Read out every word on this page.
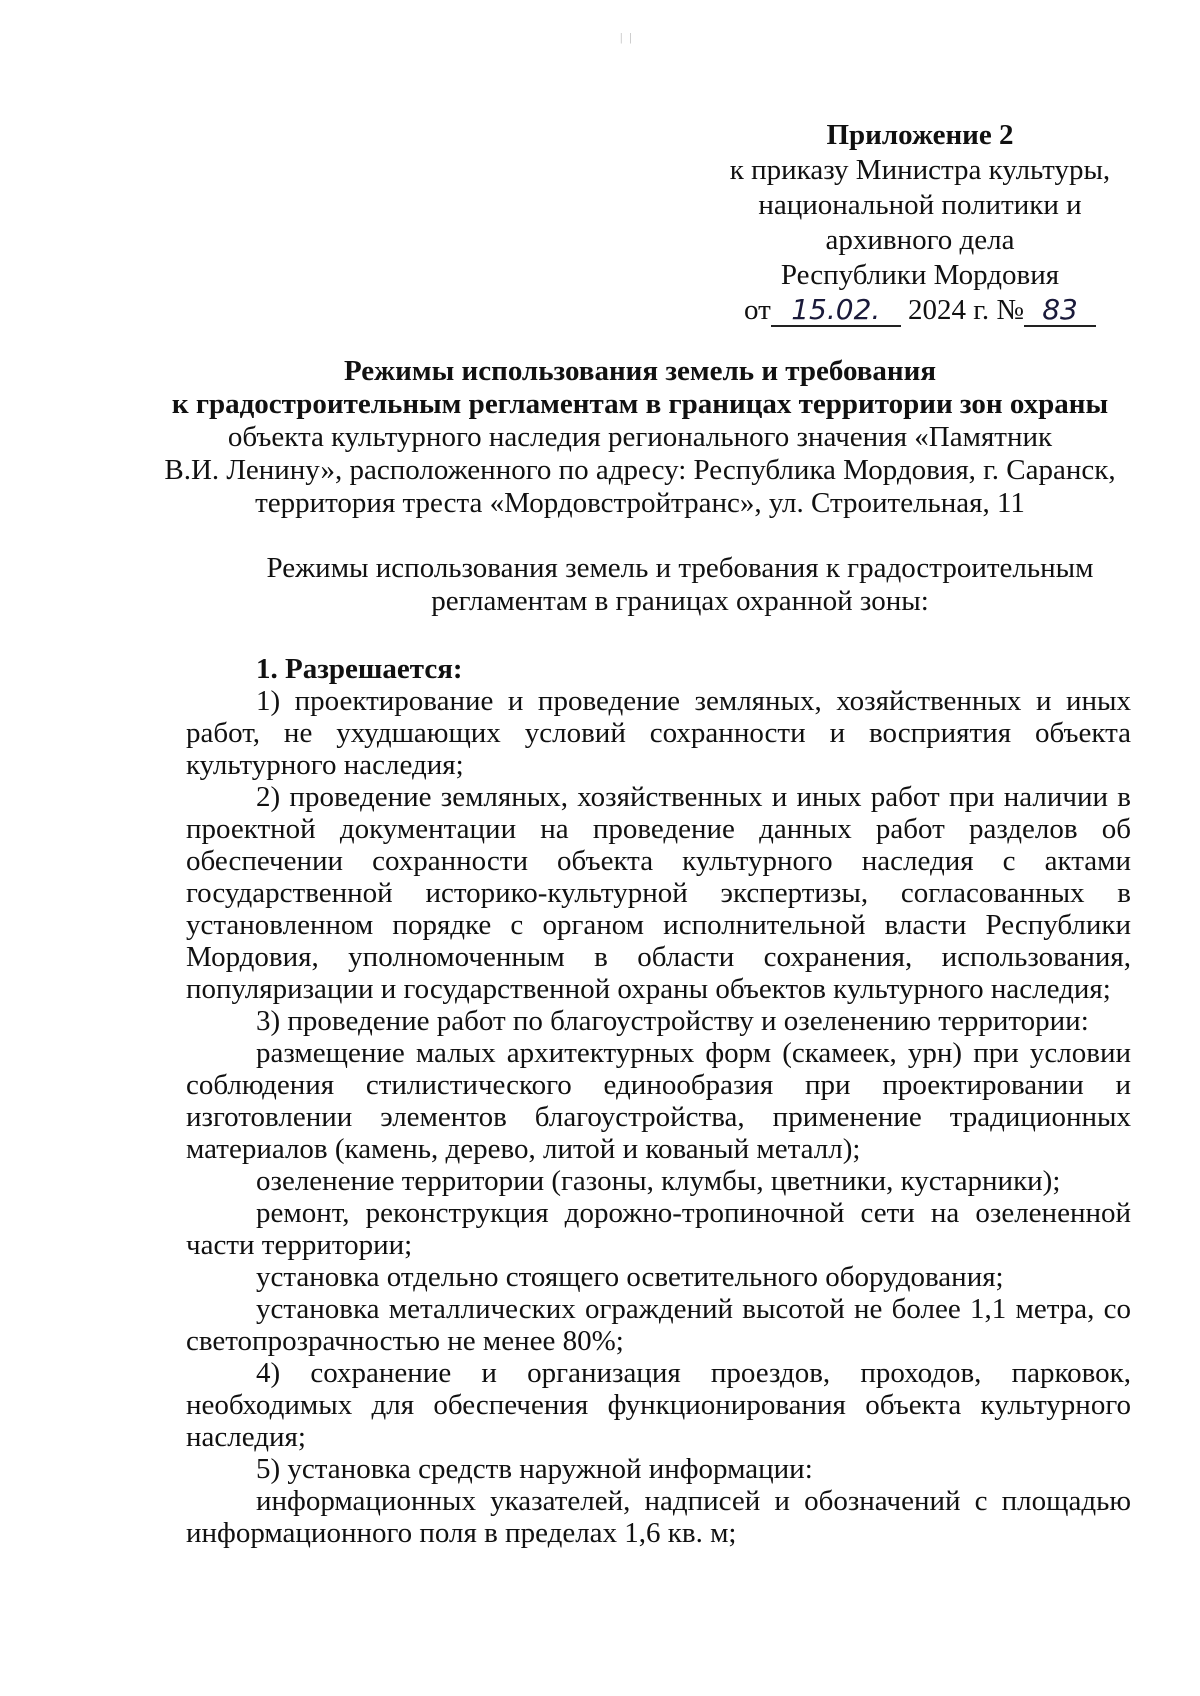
| |
Приложение 2
к приказу Министра культуры,
национальной политики и
архивного дела
Республики Мордовия
от 15.02. 2024 г. № 83
Режимы использования земель и требования
к градостроительным регламентам в границах территории зон охраны
объекта культурного наследия регионального значения «Памятник
В.И. Ленину», расположенного по адресу: Республика Мордовия, г. Саранск,
территория треста «Мордовстройтранс», ул. Строительная, 11
Режимы использования земель и требования к градостроительным регламентам в границах охранной зоны:

1. Разрешается:

1) проектирование и проведение земляных, хозяйственных и иных работ, не ухудшающих условий сохранности и восприятия объекта культурного наследия;

2) проведение земляных, хозяйственных и иных работ при наличии в проектной документации на проведение данных работ разделов об обеспечении сохранности объекта культурного наследия с актами государственной историко-культурной экспертизы, согласованных в установленном порядке с органом исполнительной власти Республики Мордовия, уполномоченным в области сохранения, использования, популяризации и государственной охраны объектов культурного наследия;

3) проведение работ по благоустройству и озеленению территории:

размещение малых архитектурных форм (скамеек, урн) при условии соблюдения стилистического единообразия при проектировании и изготовлении элементов благоустройства, применение традиционных материалов (камень, дерево, литой и кованый металл);

озеленение территории (газоны, клумбы, цветники, кустарники);

ремонт, реконструкция дорожно-тропиночной сети на озелененной части территории;

установка отдельно стоящего осветительного оборудования;

установка металлических ограждений высотой не более 1,1 метра, со светопрозрачностью не менее 80%;

4) сохранение и организация проездов, проходов, парковок, необходимых для обеспечения функционирования объекта культурного наследия;

5) установка средств наружной информации:

информационных указателей, надписей и обозначений с площадью информационного поля в пределах 1,6 кв. м;
